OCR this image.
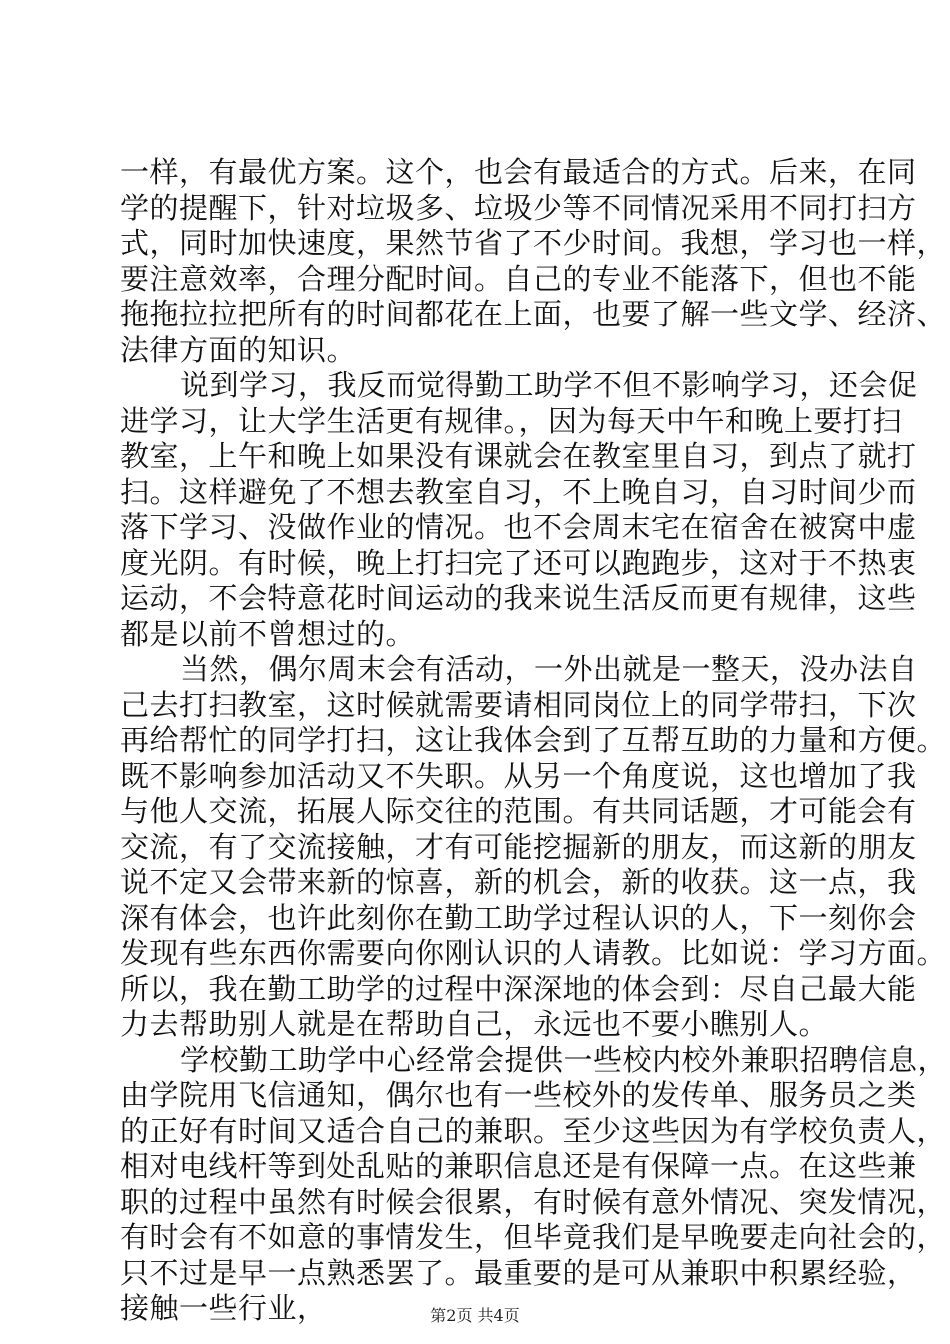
一样，有最优方案。这个，也会有最适合的方式。后来，在同
学的提醒下，针对垃圾多、垃圾少等不同情况采用不同打扫方
式，同时加快速度，果然节省了不少时间。我想，学习也一样，
要注意效率，合理分配时间。自己的专业不能落下，但也不能
拖拖拉拉把所有的时间都花在上面，也要了解一些文学、经济、
法律方面的知识。
说到学习，我反而觉得勤工助学不但不影响学习，还会促
进学习，让大学生活更有规律。，因为每天中午和晚上要打扫
教室，上午和晚上如果没有课就会在教室里自习，到点了就打
扫。这样避免了不想去教室自习，不上晚自习，自习时间少而
落下学习、没做作业的情况。也不会周末宅在宿舍在被窝中虚
度光阴。有时候，晚上打扫完了还可以跑跑步，这对于不热衷
运动，不会特意花时间运动的我来说生活反而更有规律，这些
都是以前不曾想过的。
当然，偶尔周末会有活动，一外出就是一整天，没办法自
己去打扫教室，这时候就需要请相同岗位上的同学带扫，下次
再给帮忙的同学打扫，这让我体会到了互帮互助的力量和方便。
既不影响参加活动又不失职。从另一个角度说，这也增加了我
与他人交流，拓展人际交往的范围。有共同话题，才可能会有
交流，有了交流接触，才有可能挖掘新的朋友，而这新的朋友
说不定又会带来新的惊喜，新的机会，新的收获。这一点，我
深有体会，也许此刻你在勤工助学过程认识的人，下一刻你会
发现有些东西你需要向你刚认识的人请教。比如说：学习方面。
所以，我在勤工助学的过程中深深地的体会到：尽自己最大能
力去帮助别人就是在帮助自己，永远也不要小瞧别人。
学校勤工助学中心经常会提供一些校内校外兼职招聘信息，
由学院用飞信通知，偶尔也有一些校外的发传单、服务员之类
的正好有时间又适合自己的兼职。至少这些因为有学校负责人，
相对电线杆等到处乱贴的兼职信息还是有保障一点。在这些兼
职的过程中虽然有时候会很累，有时候有意外情况、突发情况，
有时会有不如意的事情发生，但毕竟我们是早晚要走向社会的，
只不过是早一点熟悉罢了。最重要的是可从兼职中积累经验，
接触一些行业，	第2页 共4页
